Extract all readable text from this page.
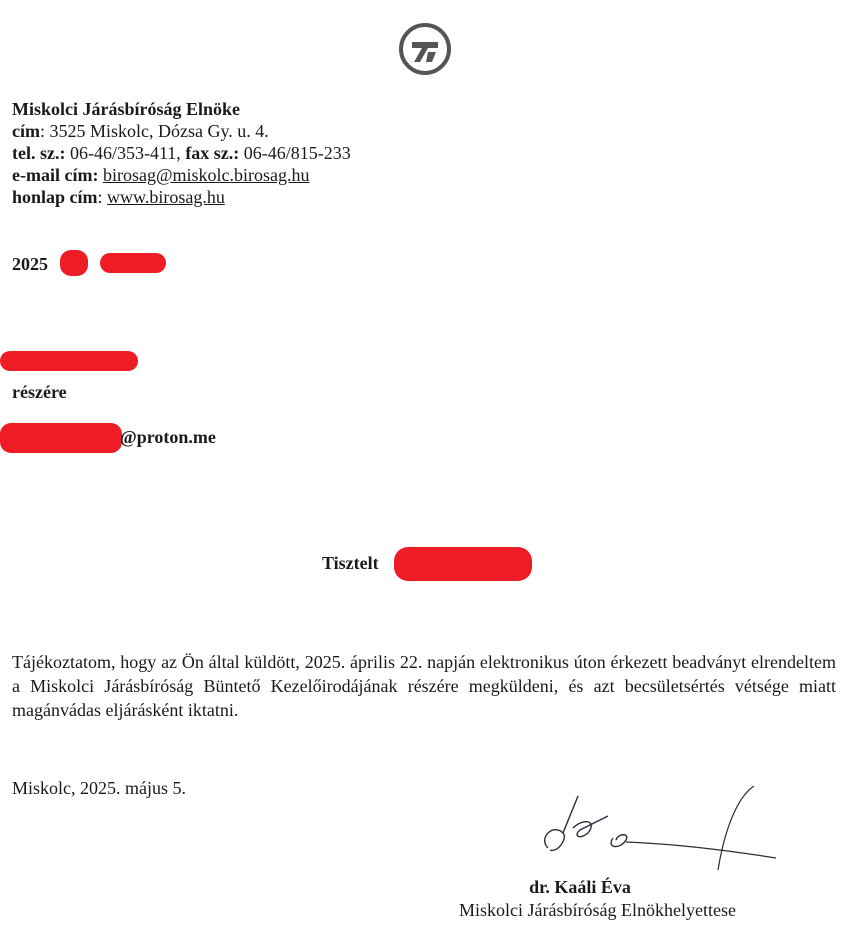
Miskolci Járásbíróság Elnöke
cím: 3525 Miskolc, Dózsa Gy. u. 4.
tel. sz.: 06-46/353-411, fax sz.: 06-46/815-233
e-mail cím: birosag@miskolc.birosag.hu
honlap cím: www.birosag.hu
2025
részére
@proton.me
Tisztelt
Tájékoztatom, hogy az Ön által küldött, 2025. április 22. napján elektronikus úton érkezett beadványt elrendeltem a Miskolci Járásbíróság Büntető Kezelőirodájának részére megküldeni, és azt becsületsértés vétsége miatt magánvádas eljárásként iktatni.
Miskolc, 2025. május 5.
dr. Kaáli Éva
Miskolci Járásbíróság Elnökhelyettese
